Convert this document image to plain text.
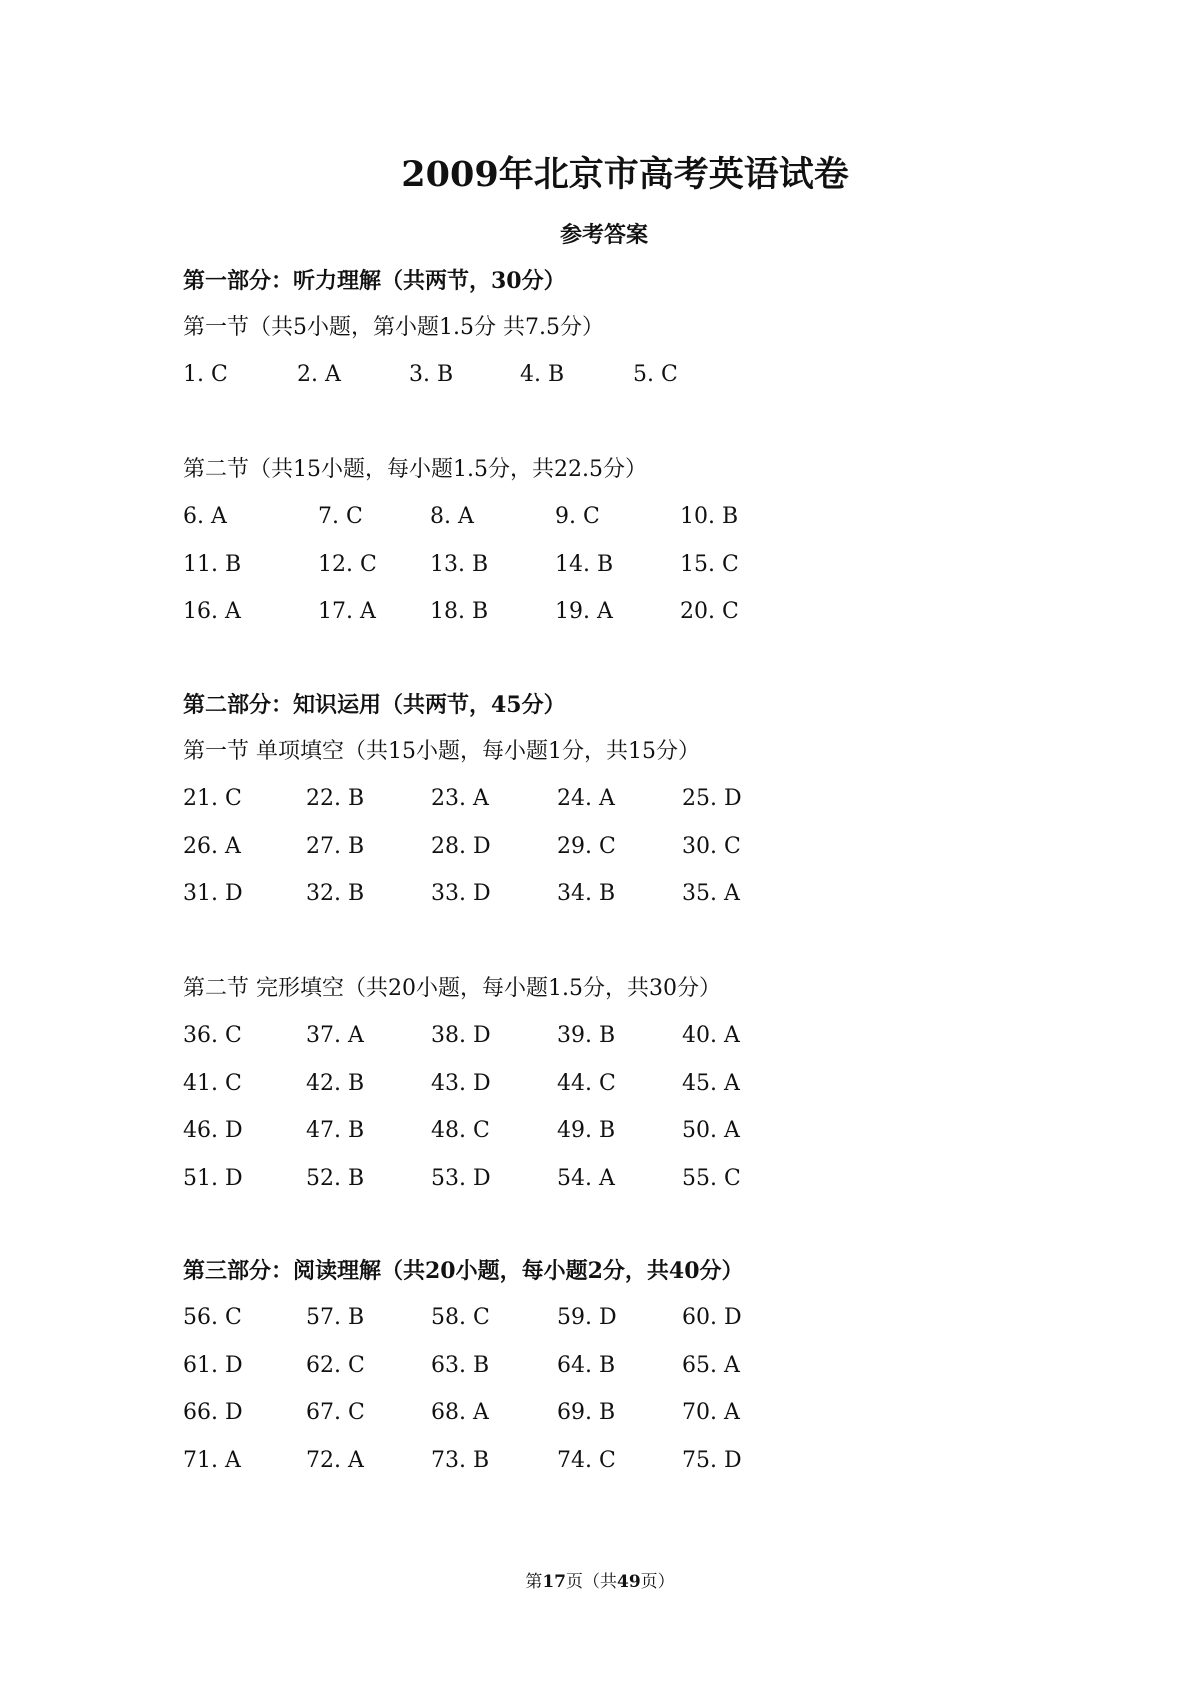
2009年北京市高考英语试卷
参考答案
第一部分：听力理解（共两节，30分）
第一节（共5小题，第小题1.5分 共7.5分）
1. C	2. A	3. B	4. B	5. C
第二节（共15小题，每小题1.5分，共22.5分）
6. A	7. C	8. A	9. C	10. B
11. B	12. C 13. B	14. B	15. C
16. A	17. A 18. B	19. A	20. C
第二部分：知识运用（共两节，45分）
第一节 单项填空（共15小题，每小题1分，共15分）
21. C	22. B	23. A	24. A	25. D
26. A	27. B	28. D	29. C	30. C
31. D	32. B	33. D	34. B	35. A
第二节 完形填空（共20小题，每小题1.5分，共30分）
36. C	37. A	38. D	39. B	40. A
41. C	42. B	43. D	44. C	45. A
46. D	47. B	48. C	49. B	50. A
51. D	52. B	53. D	54. A	55. C
第三部分：阅读理解（共20小题，每小题2分，共40分）
56. C	57. B	58. C	59. D	60. D
61. D	62. C	63. B	64. B	65. A
66. D	67. C	68. A	69. B	70. A
71. A	72. A	73. B	74. C	75. D
第17页（共49页）
